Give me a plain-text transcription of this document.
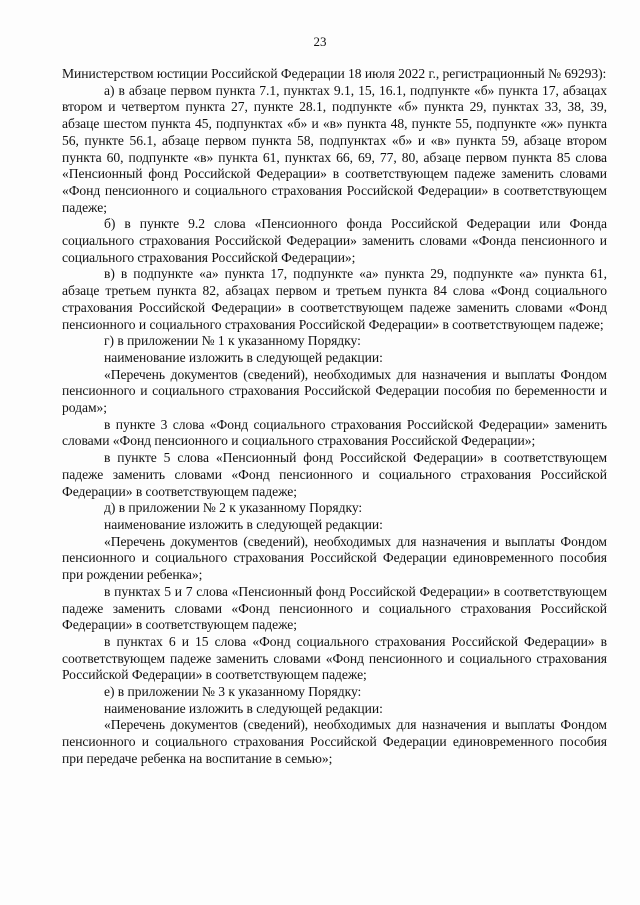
23

Министерством юстиции Российской Федерации 18 июля 2022 г., регистрационный № 69293):

а) в абзаце первом пункта 7.1, пунктах 9.1, 15, 16.1, подпункте «б» пункта 17, абзацах втором и четвертом пункта 27, пункте 28.1, подпункте «б» пункта 29, пунктах 33, 38, 39, абзаце шестом пункта 45, подпунктах «б» и «в» пункта 48, пункте 55, подпункте «ж» пункта 56, пункте 56.1, абзаце первом пункта 58, подпунктах «б» и «в» пункта 59, абзаце втором пункта 60, подпункте «в» пункта 61, пунктах 66, 69, 77, 80, абзаце первом пункта 85 слова «Пенсионный фонд Российской Федерации» в соответствующем падеже заменить словами «Фонд пенсионного и социального страхования Российской Федерации» в соответствующем падеже;

б) в пункте 9.2 слова «Пенсионного фонда Российской Федерации или Фонда социального страхования Российской Федерации» заменить словами «Фонда пенсионного и социального страхования Российской Федерации»;

в) в подпункте «а» пункта 17, подпункте «а» пункта 29, подпункте «а» пункта 61, абзаце третьем пункта 82, абзацах первом и третьем пункта 84 слова «Фонд социального страхования Российской Федерации» в соответствующем падеже заменить словами «Фонд пенсионного и социального страхования Российской Федерации» в соответствующем падеже;

г) в приложении № 1 к указанному Порядку:

наименование изложить в следующей редакции:

«Перечень документов (сведений), необходимых для назначения и выплаты Фондом пенсионного и социального страхования Российской Федерации пособия по беременности и родам»;

в пункте 3 слова «Фонд социального страхования Российской Федерации» заменить словами «Фонд пенсионного и социального страхования Российской Федерации»;

в пункте 5 слова «Пенсионный фонд Российской Федерации» в соответствующем падеже заменить словами «Фонд пенсионного и социального страхования Российской Федерации» в соответствующем падеже;

д) в приложении № 2 к указанному Порядку:

наименование изложить в следующей редакции:

«Перечень документов (сведений), необходимых для назначения и выплаты Фондом пенсионного и социального страхования Российской Федерации единовременного пособия при рождении ребенка»;

в пунктах 5 и 7 слова «Пенсионный фонд Российской Федерации» в соответствующем падеже заменить словами «Фонд пенсионного и социального страхования Российской Федерации» в соответствующем падеже;

в пунктах 6 и 15 слова «Фонд социального страхования Российской Федерации» в соответствующем падеже заменить словами «Фонд пенсионного и социального страхования Российской Федерации» в соответствующем падеже;

е) в приложении № 3 к указанному Порядку:

наименование изложить в следующей редакции:

«Перечень документов (сведений), необходимых для назначения и выплаты Фондом пенсионного и социального страхования Российской Федерации единовременного пособия при передаче ребенка на воспитание в семью»;
